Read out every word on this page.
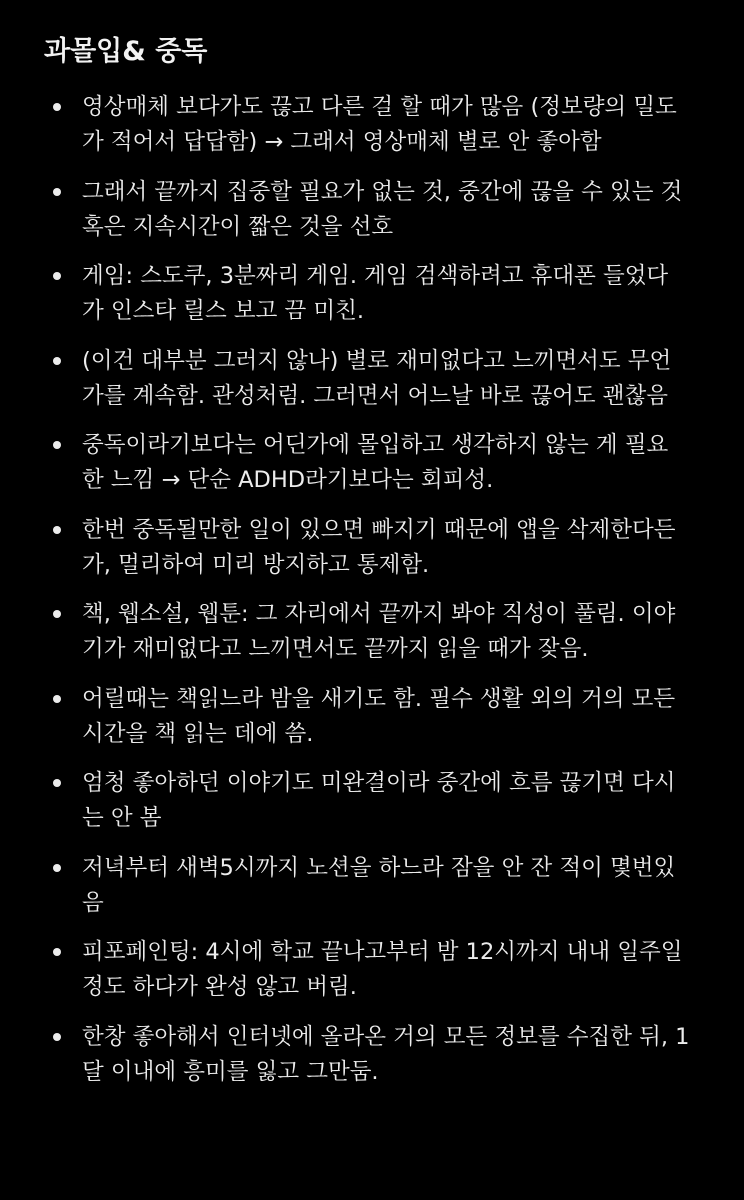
과몰입& 중독
영상매체 보다가도 끊고 다른 걸 할 때가 많음 (정보량의 밀도
가 적어서 답답함) → 그래서 영상매체 별로 안 좋아함
그래서 끝까지 집중할 필요가 없는 것, 중간에 끊을 수 있는 것
혹은 지속시간이 짧은 것을 선호
게임: 스도쿠, 3분짜리 게임. 게임 검색하려고 휴대폰 들었다
가 인스타 릴스 보고 끔 미친.
(이건 대부분 그러지 않나) 별로 재미없다고 느끼면서도 무언
가를 계속함. 관성처럼. 그러면서 어느날 바로 끊어도 괜찮음
중독이라기보다는 어딘가에 몰입하고 생각하지 않는 게 필요
한 느낌 → 단순 ADHD라기보다는 회피성.
한번 중독될만한 일이 있으면 빠지기 때문에 앱을 삭제한다든
가, 멀리하여 미리 방지하고 통제함.
책, 웹소설, 웹툰: 그 자리에서 끝까지 봐야 직성이 풀림. 이야
기가 재미없다고 느끼면서도 끝까지 읽을 때가 잦음.
어릴때는 책읽느라 밤을 새기도 함. 필수 생활 외의 거의 모든
시간을 책 읽는 데에 씀.
엄청 좋아하던 이야기도 미완결이라 중간에 흐름 끊기면 다시
는 안 봄
저녁부터 새벽5시까지 노션을 하느라 잠을 안 잔 적이 몇번있
음
피포페인팅: 4시에 학교 끝나고부터 밤 12시까지 내내 일주일
정도 하다가 완성 않고 버림.
한창 좋아해서 인터넷에 올라온 거의 모든 정보를 수집한 뒤, 1
달 이내에 흥미를 잃고 그만둠.
